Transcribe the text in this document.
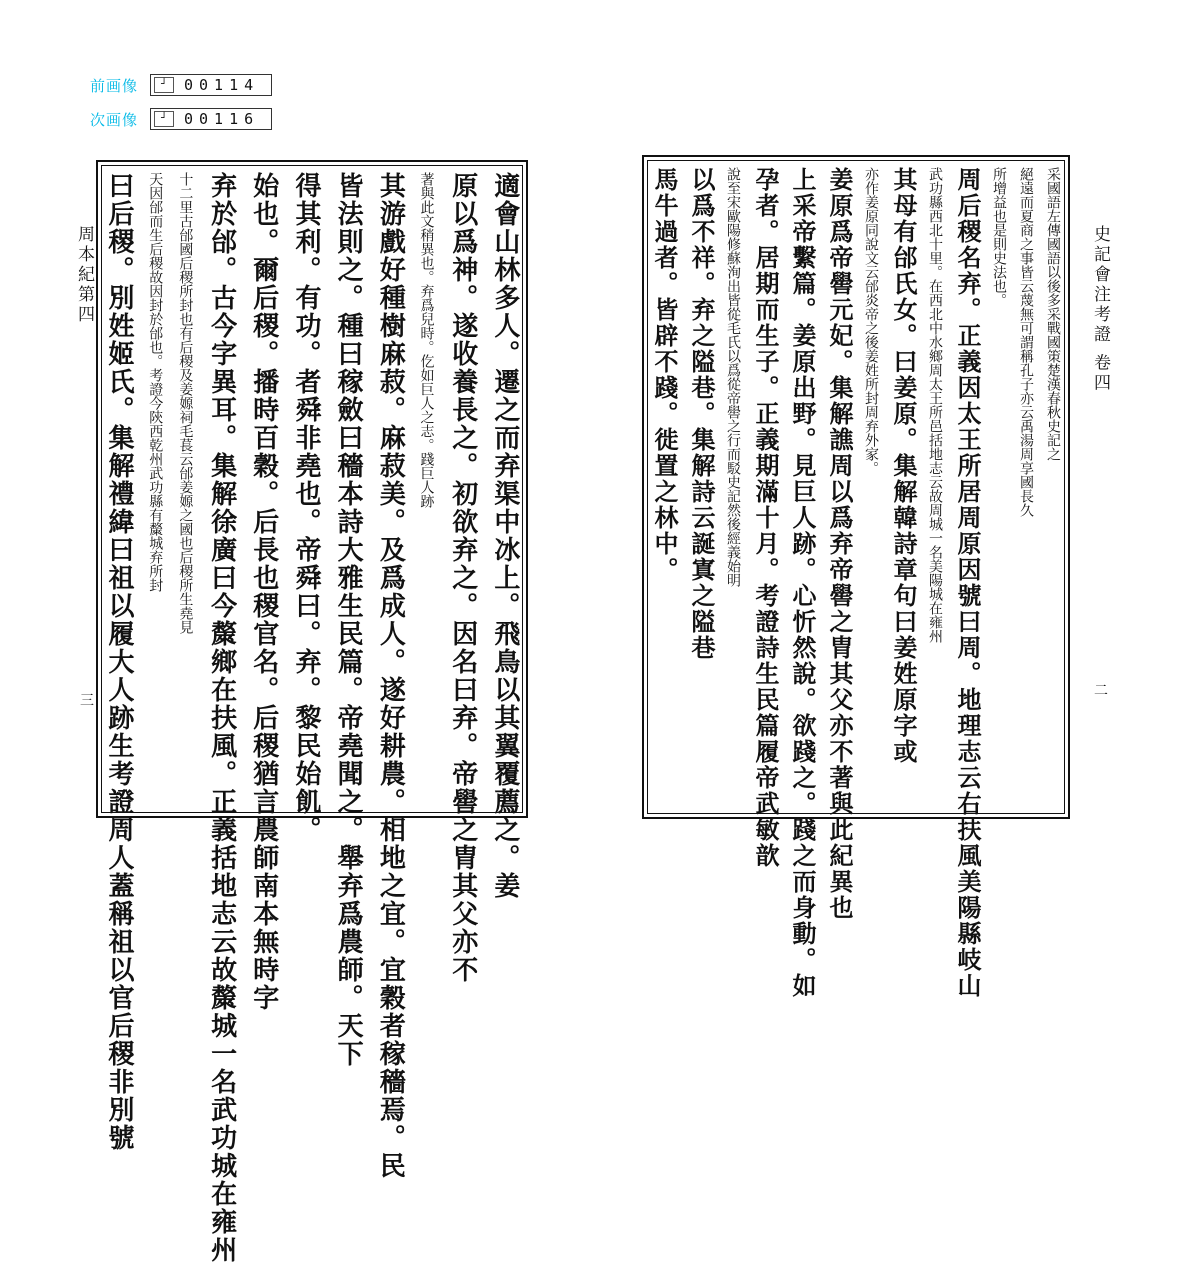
前画像	┘	00114
次画像	┘	00116
周本紀第四
三	適會山林多人。遷之而弃渠中冰上。飛鳥以其翼覆薦之。姜
原以爲神。遂收養長之。初欲弃之。因名曰弃。帝嚳之胄其父亦不
著與此文稍異也。弃爲兒時。仡如巨人之志。踐巨人跡
其游戲好種樹麻菽。麻菽美。及爲成人。遂好耕農。相地之宜。宜穀者稼穡焉。民
皆法則之。種曰稼斂曰穡本詩大雅生民篇。帝堯聞之。舉弃爲農師。天下
得其利。有功。者舜非堯也。帝舜曰。弃。黎民始飢。
始也。爾后稷。播時百穀。后長也稷官名。后稷猶言農師南本無時字
弃於邰。古今字異耳。集解徐廣曰今斄鄉在扶風。正義括地志云故斄城一名武功城在雍州
十二里古邰國后稷所封也有后稷及姜嫄祠毛萇云邰姜嫄之國也后稷所生堯見
天因邰而生后稷故因封於邰也。考證今陝西乾州武功縣有斄城弃所封
曰后稷。別姓姬氏。集解禮緯曰祖以履大人跡生考證周人蓋稱祖以官后稷非別號	采國語左傳國語以後多采戰國策楚漢春秋史記之
絕遠而夏商之事皆云蔑無可謂稱孔子亦云禹湯周享國長久
所增益也是則史法也。
周后稷名弃。正義因太王所居周原因號曰周。地理志云右扶風美陽縣岐山
武功縣西北十里。在西北中水鄉周太王所邑括地志云故周城一名美陽城在雍州
其母有邰氏女。曰姜原。集解韓詩章句曰姜姓原字或
亦作姜原同說文云邰炎帝之後姜姓所封周弃外家。
姜原爲帝嚳元妃。集解譙周以爲弃帝嚳之胄其父亦不著與此紀異也
上采帝繫篇。姜原出野。見巨人跡。心忻然說。欲踐之。踐之而身動。如
孕者。居期而生子。正義期滿十月。考證詩生民篇履帝武敏歆
說至宋歐陽修蘇洵出皆從毛氏以爲從帝嚳之行而駁史記然後經義始明
以爲不祥。弃之隘巷。集解詩云誕寘之隘巷
馬牛過者。皆辟不踐。徙置之林中。	史記會注考證 卷四
二
